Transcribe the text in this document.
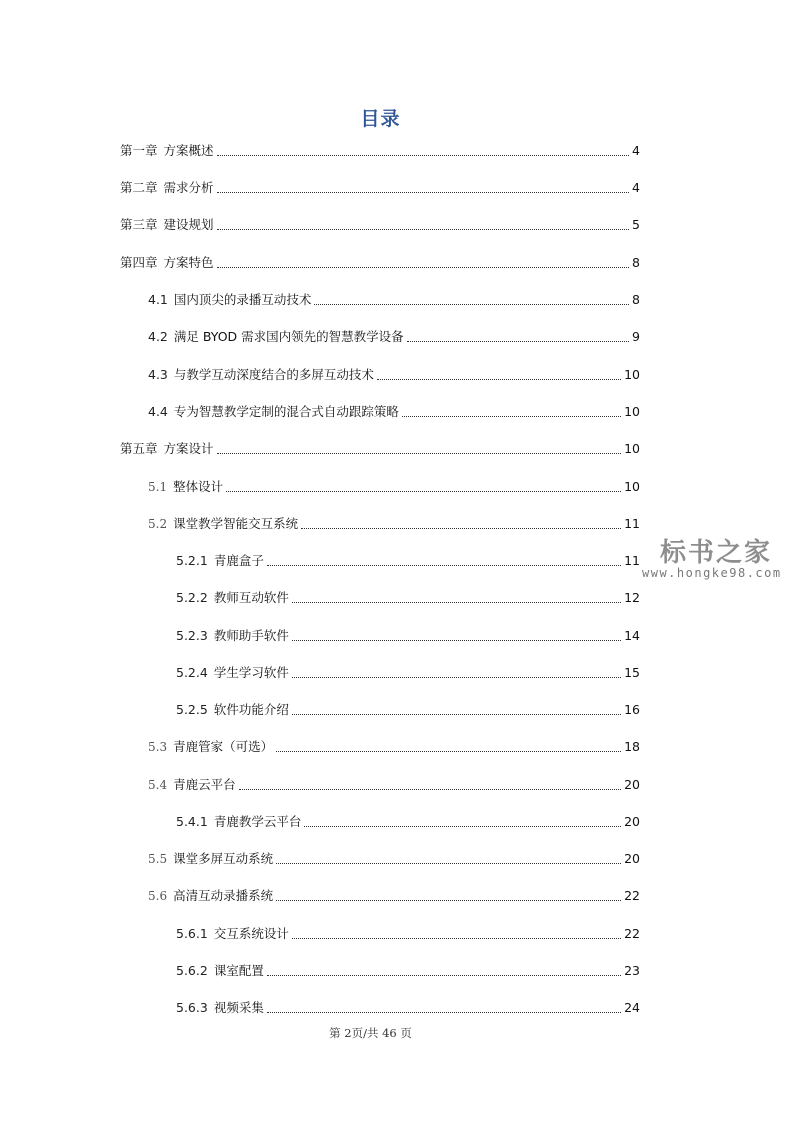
目录
第一章 方案概述	4
第二章 需求分析	4
第三章 建设规划	5
第四章 方案特色	8
4.1 国内顶尖的录播互动技术	8
4.2 满足 BYOD 需求国内领先的智慧教学设备	9
4.3 与教学互动深度结合的多屏互动技术	10
4.4 专为智慧教学定制的混合式自动跟踪策略	10
第五章 方案设计	10
5.1 整体设计	10
5.2 课堂教学智能交互系统	11
5.2.1 青鹿盒子	11
5.2.2 教师互动软件	12
5.2.3 教师助手软件	14
5.2.4 学生学习软件	15
5.2.5 软件功能介绍	16
5.3 青鹿管家（可选）	18
5.4 青鹿云平台	20
5.4.1 青鹿教学云平台	20
5.5 课堂多屏互动系统	20
5.6 高清互动录播系统	22
5.6.1 交互系统设计	22
5.6.2 课室配置	23
5.6.3 视频采集	24
标书之家
www.hongke98.com
第 2页/共 46 页
